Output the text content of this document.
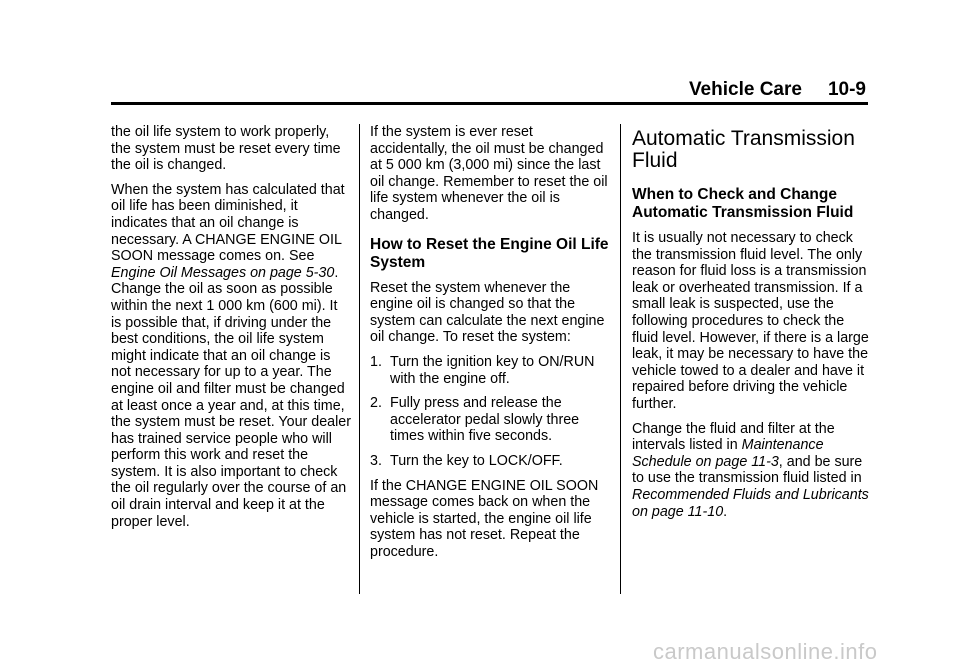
Vehicle Care 10-9

the oil life system to work properly, the system must be reset every time the oil is changed.

When the system has calculated that oil life has been diminished, it indicates that an oil change is necessary. A CHANGE ENGINE OIL SOON message comes on. See Engine Oil Messages on page 5-30. Change the oil as soon as possible within the next 1 000 km (600 mi). It is possible that, if driving under the best conditions, the oil life system might indicate that an oil change is not necessary for up to a year. The engine oil and filter must be changed at least once a year and, at this time, the system must be reset. Your dealer has trained service people who will perform this work and reset the system. It is also important to check the oil regularly over the course of an oil drain interval and keep it at the proper level.

If the system is ever reset accidentally, the oil must be changed at 5 000 km (3,000 mi) since the last oil change. Remember to reset the oil life system whenever the oil is changed.

How to Reset the Engine Oil Life System

Reset the system whenever the engine oil is changed so that the system can calculate the next engine oil change. To reset the system:

1. Turn the ignition key to ON/RUN with the engine off.
2. Fully press and release the accelerator pedal slowly three times within five seconds.
3. Turn the key to LOCK/OFF.

If the CHANGE ENGINE OIL SOON message comes back on when the vehicle is started, the engine oil life system has not reset. Repeat the procedure.

Automatic Transmission Fluid
When to Check and Change Automatic Transmission Fluid

It is usually not necessary to check the transmission fluid level. The only reason for fluid loss is a transmission leak or overheated transmission. If a small leak is suspected, use the following procedures to check the fluid level. However, if there is a large leak, it may be necessary to have the vehicle towed to a dealer and have it repaired before driving the vehicle further.

Change the fluid and filter at the intervals listed in Maintenance Schedule on page 11-3, and be sure to use the transmission fluid listed in Recommended Fluids and Lubricants on page 11-10.

carmanualsonline.info
